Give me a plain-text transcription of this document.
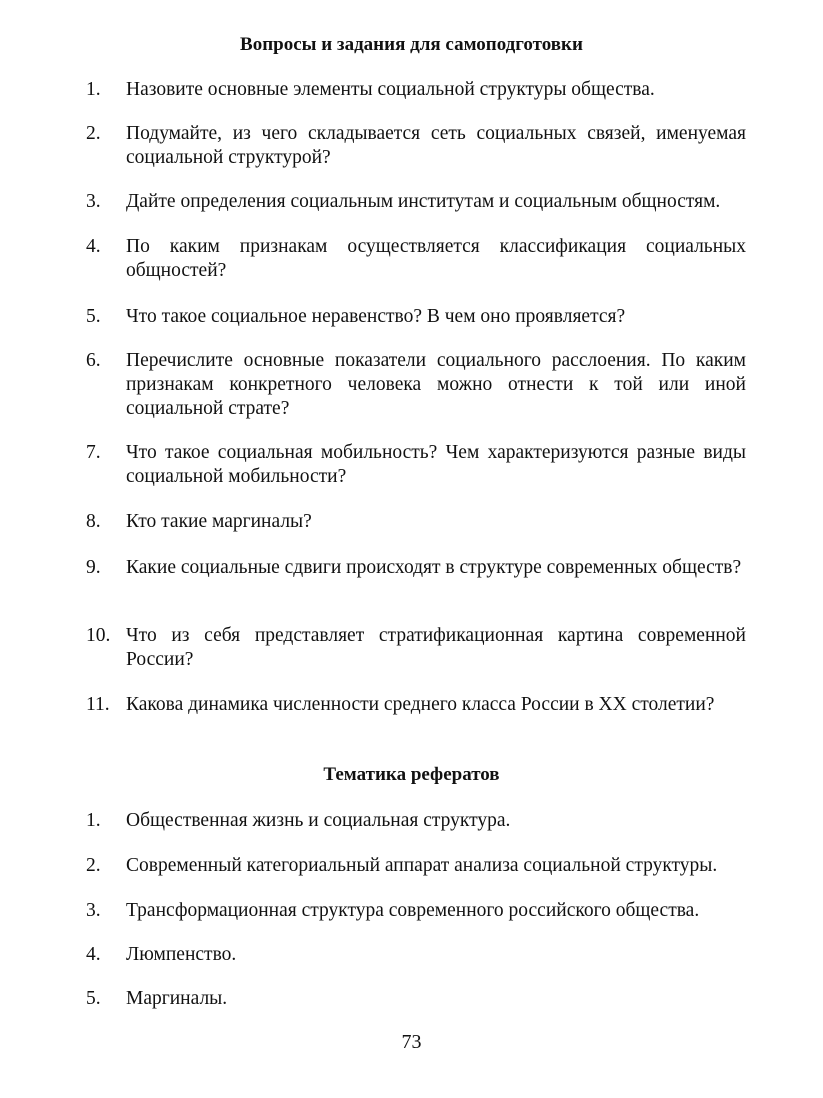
Вопросы и задания для самоподготовки
1.	Назовите основные элементы социальной структуры общества.
2.	Подумайте, из чего складывается сеть социальных связей, именуемая социальной структурой?
3.	Дайте определения социальным институтам и социальным общностям.
4.	По каким признакам осуществляется классификация социальных общностей?
5.	Что такое социальное неравенство? В чем оно проявляется?
6.	Перечислите основные показатели социального расслоения. По каким признакам конкретного человека можно отнести к той или иной социальной страте?
7.	Что такое социальная мобильность? Чем характеризуются разные виды социальной мобильности?
8.	Кто такие маргиналы?
9.	Какие социальные сдвиги происходят в структуре современных обществ?
10. Что из себя представляет стратификационная картина современной России?
11. Какова динамика численности среднего класса России в XX столетии?
Тематика рефератов
1.	Общественная жизнь и социальная структура.
2.	Современный категориальный аппарат анализа социальной структуры.
3.	Трансформационная структура современного российского общества.
4.	Люмпенство.
5.	Маргиналы.
73
